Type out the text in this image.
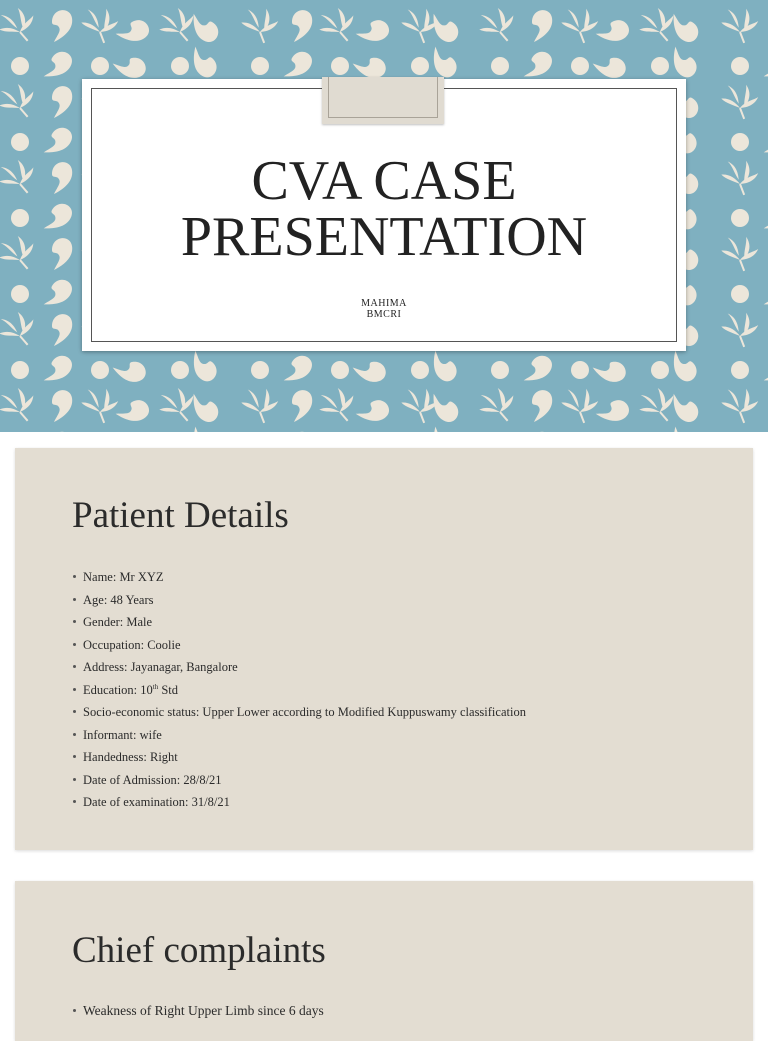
CVA CASE
PRESENTATION
MAHIMA
BMCRI
Patient Details
Name: Mr XYZ
Age: 48 Years
Gender: Male
Occupation: Coolie
Address: Jayanagar, Bangalore
Education: 10th Std
Socio-economic status: Upper Lower according to Modified Kuppuswamy classification
Informant: wife
Handedness: Right
Date of Admission: 28/8/21
Date of examination: 31/8/21
Chief complaints
Weakness of Right Upper Limb since 6 days
